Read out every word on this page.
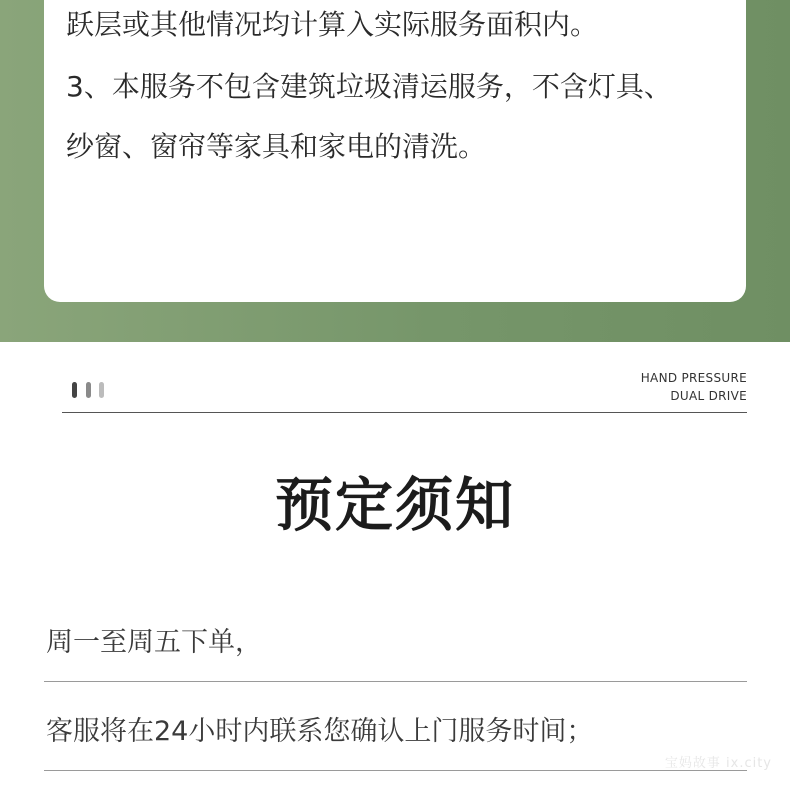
跃层或其他情况均计算入实际服务面积内。
3、本服务不包含建筑垃圾清运服务，不含灯具、
纱窗、窗帘等家具和家电的清洗。
HAND PRESSURE
DUAL DRIVE
预定须知
周一至周五下单，
客服将在24小时内联系您确认上门服务时间；
宝妈故事 ix.city
